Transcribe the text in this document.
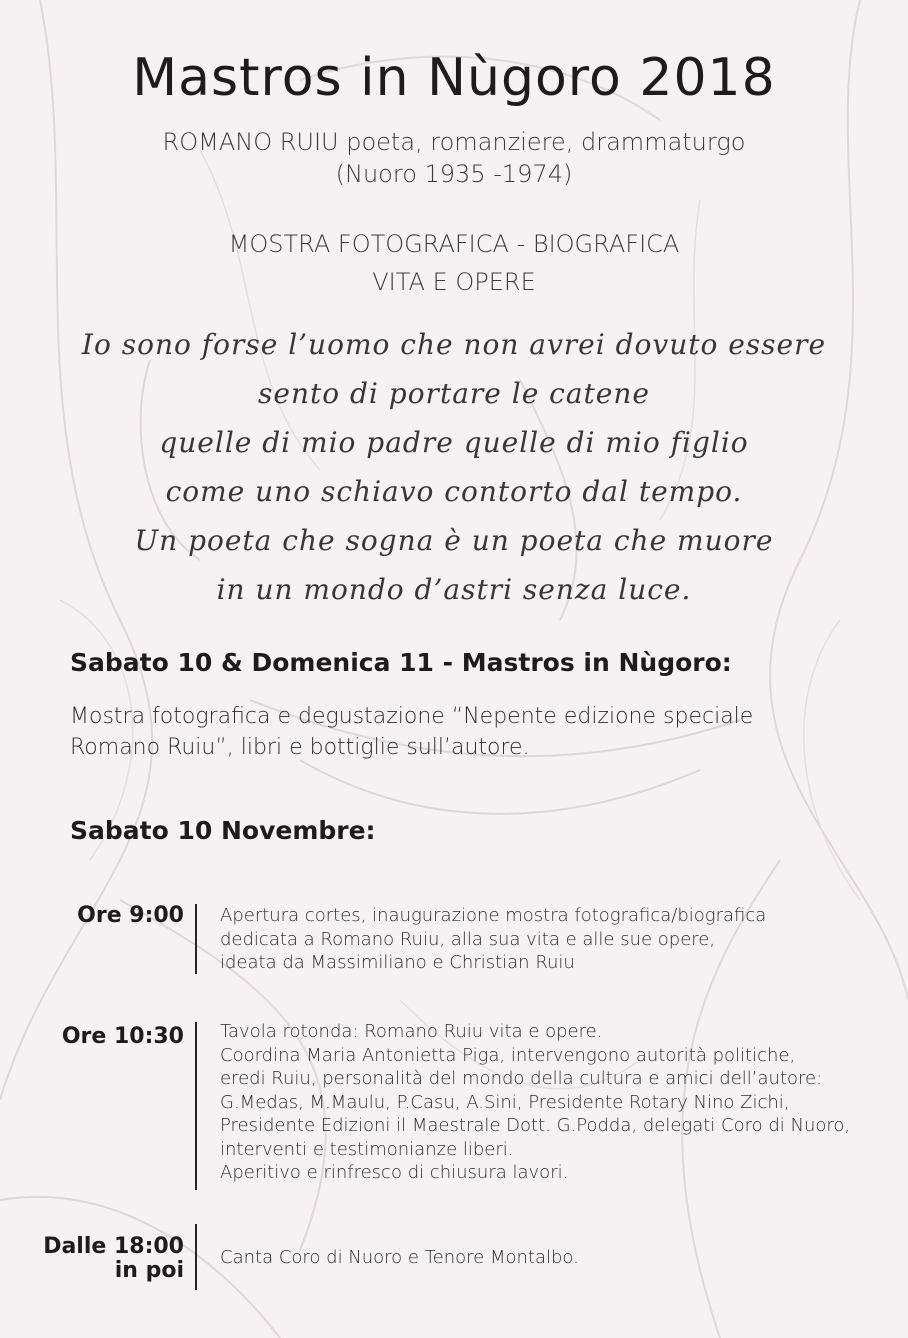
Mastros in Nùgoro 2018
ROMANO RUIU poeta, romanziere, drammaturgo
(Nuoro 1935 -1974)
MOSTRA FOTOGRAFICA - BIOGRAFICA
VITA E OPERE
Io sono forse l’uomo che non avrei dovuto essere
sento di portare le catene
quelle di mio padre quelle di mio figlio
come uno schiavo contorto dal tempo.
Un poeta che sogna è un poeta che muore
in un mondo d’astri senza luce.
Sabato 10 & Domenica 11 - Mastros in Nùgoro:
Mostra fotografica e degustazione “Nepente edizione speciale
Romano Ruiu”, libri e bottiglie sull’autore.
Sabato 10 Novembre:
Ore 9:00 Apertura cortes, inaugurazione mostra fotografica/biografica
dedicata a Romano Ruiu, alla sua vita e alle sue opere,
ideata da Massimiliano e Christian Ruiu
Ore 10:30 Tavola rotonda: Romano Ruiu vita e opere.
Coordina Maria Antonietta Piga, intervengono autorità politiche,
eredi Ruiu, personalità del mondo della cultura e amici dell’autore:
G.Medas, M.Maulu, P.Casu, A.Sini, Presidente Rotary Nino Zichi,
Presidente Edizioni il Maestrale Dott. G.Podda, delegati Coro di Nuoro,
interventi e testimonianze liberi.
Aperitivo e rinfresco di chiusura lavori.
Dalle 18:00
in poi
Canta Coro di Nuoro e Tenore Montalbo.
